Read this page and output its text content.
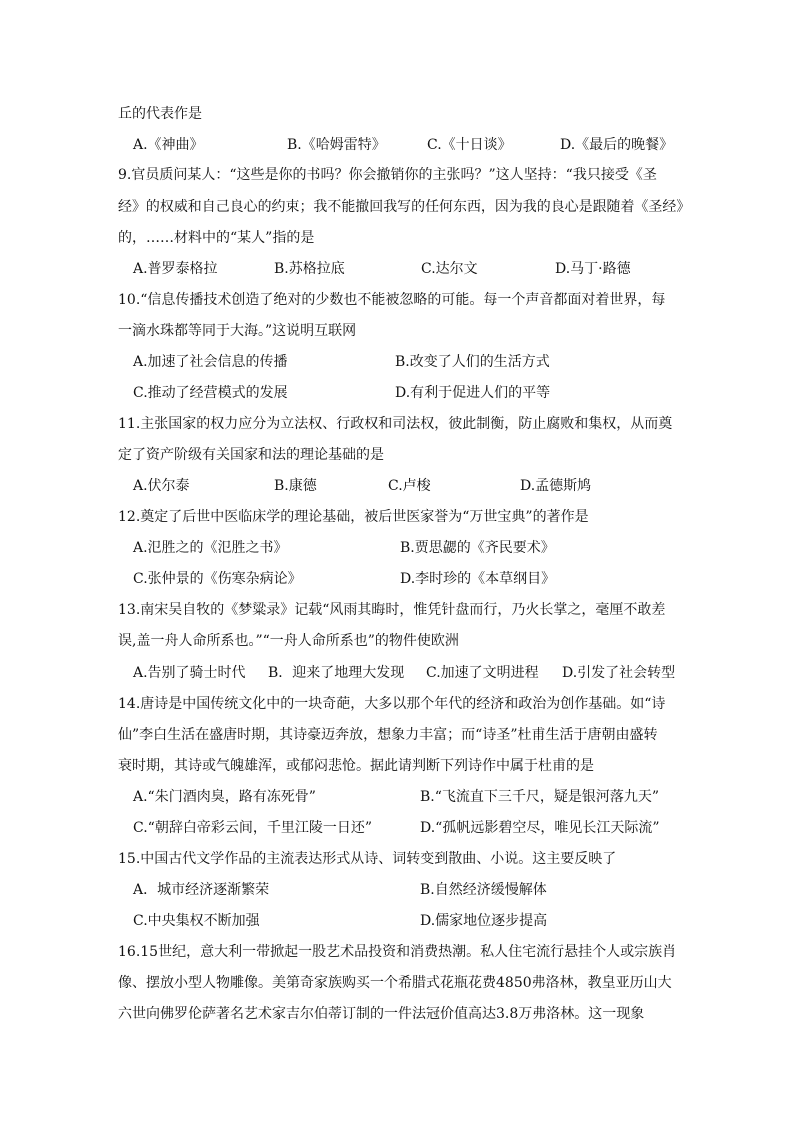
丘的代表作是
A.《神曲》	B.《哈姆雷特》	C.《十日谈》	D.《最后的晚餐》
9.官员质问某人：“这些是你的书吗？你会撤销你的主张吗？”这人坚持：“我只接受《圣
经》的权威和自己良心的约束；我不能撤回我写的任何东西，因为我的良心是跟随着《圣经》
的，……材料中的“某人”指的是
A.普罗泰格拉	B.苏格拉底	C.达尔文	D.马丁·路德
10.“信息传播技术创造了绝对的少数也不能被忽略的可能。每一个声音都面对着世界，每
一滴水珠都等同于大海。”这说明互联网
A.加速了社会信息的传播	B.改变了人们的生活方式
C.推动了经营模式的发展	D.有利于促进人们的平等
11.主张国家的权力应分为立法权、行政权和司法权，彼此制衡，防止腐败和集权，从而奠
定了资产阶级有关国家和法的理论基础的是
A.伏尔泰	B.康德	C.卢梭	D.孟德斯鸠
12.奠定了后世中医临床学的理论基础，被后世医家誉为“万世宝典”的著作是
A.氾胜之的《氾胜之书》	B.贾思勰的《齐民要术》
C.张仲景的《伤寒杂病论》	D.李时珍的《本草纲目》
13.南宋吴自牧的《梦粱录》记载“风雨其晦时，惟凭针盘而行，乃火长掌之，毫厘不敢差
误,盖一舟人命所系也。”“一舟人命所系也”的物件使欧洲
A.告别了骑士时代 B．迎来了地理大发现 C.加速了文明进程 D.引发了社会转型
14.唐诗是中国传统文化中的一块奇葩，大多以那个年代的经济和政治为创作基础。如“诗
仙”李白生活在盛唐时期，其诗豪迈奔放，想象力丰富；而“诗圣”杜甫生活于唐朝由盛转
衰时期，其诗或气魄雄浑，或郁闷悲怆。据此请判断下列诗作中属于杜甫的是
A.“朱门酒肉臭，路有冻死骨”	B.“飞流直下三千尺，疑是银河落九天”
C.“朝辞白帝彩云间，千里江陵一日还”	D.“孤帆远影碧空尽，唯见长江天际流”
15.中国古代文学作品的主流表达形式从诗、词转变到散曲、小说。这主要反映了
A．城市经济逐渐繁荣	B.自然经济缓慢解体
C.中央集权不断加强	D.儒家地位逐步提高
16.15世纪，意大利一带掀起一股艺术品投资和消费热潮。私人住宅流行悬挂个人或宗族肖
像、摆放小型人物雕像。美第奇家族购买一个希腊式花瓶花费4850弗洛林，教皇亚历山大
六世向佛罗伦萨著名艺术家吉尔伯蒂订制的一件法冠价值高达3.8万弗洛林。这一现象
